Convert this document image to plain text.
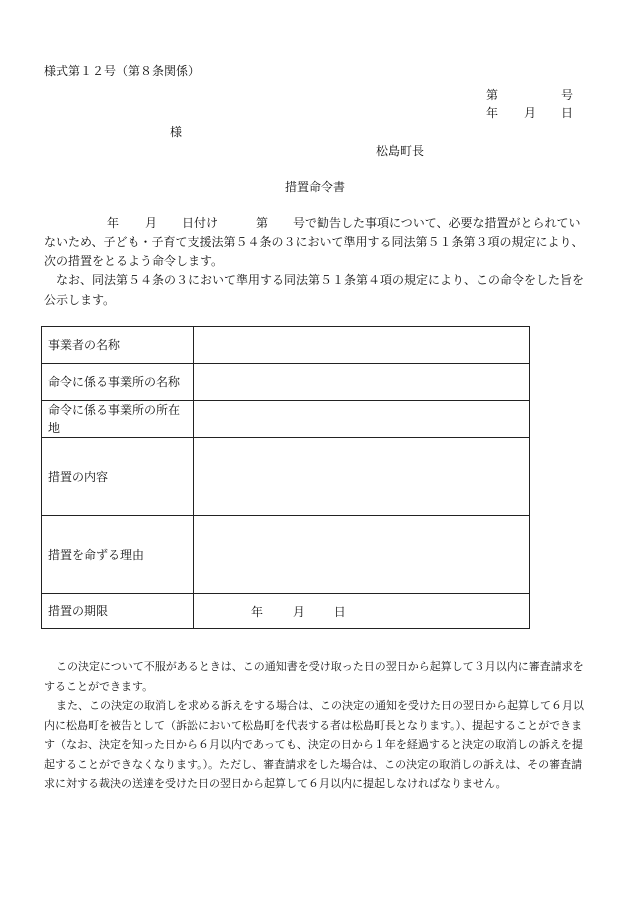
様式第１２号（第８条関係）
第	号
年 月 日
様
松島町長
措置命令書
年 月 日付け	第 号で勧告した事項について、必要な措置がとられてい
ないため、子ども・子育て支援法第５４条の３において準用する同法第５１条第３項の規定により、
次の措置をとるよう命令します。
なお、同法第５４条の３において準用する同法第５１条第４項の規定により、この命令をした旨を公示します。
事業者の名称	
命令に係る事業所の名称	
命令に係る事業所の所在地	
措置の内容	
措置を命ずる理由	
措置の期限	年 月 日
この決定について不服があるときは、この通知書を受け取った日の翌日から起算して３月以内に審査請求をすることができます。
また、この決定の取消しを求める訴えをする場合は、この決定の通知を受けた日の翌日から起算して６月以内に松島町を被告として（訴訟において松島町を代表する者は松島町長となります。）、提起することができます（なお、決定を知った日から６月以内であっても、決定の日から１年を経過すると決定の取消しの訴えを提起することができなくなります。）。ただし、審査請求をした場合は、この決定の取消しの訴えは、その審査請求に対する裁決の送達を受けた日の翌日から起算して６月以内に提起しなければなりません。
